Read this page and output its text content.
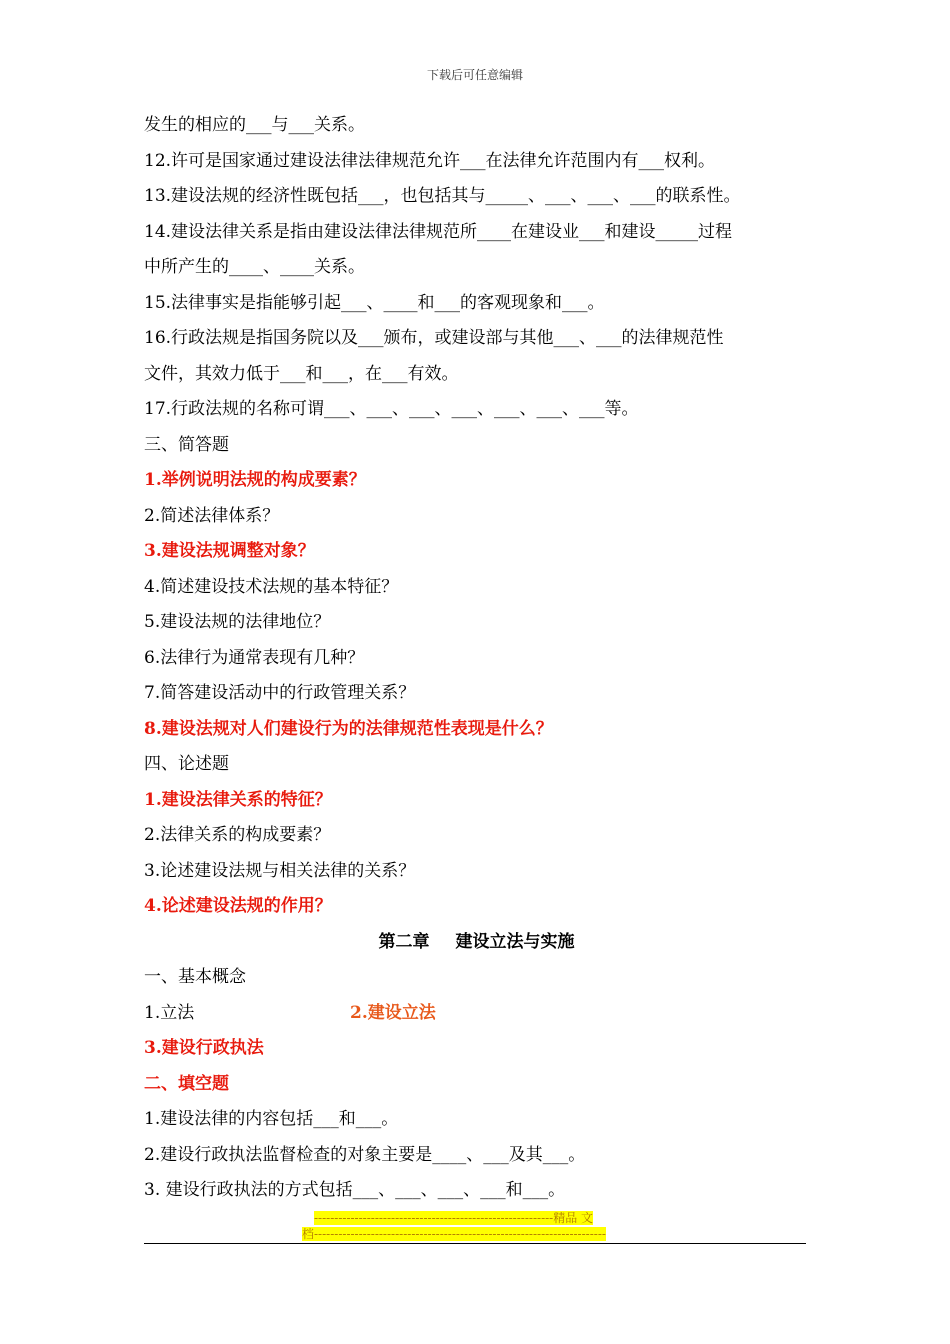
下载后可任意编辑
发生的相应的___与___关系。
12.许可是国家通过建设法律法律规范允许___在法律允许范围内有___权利。
13.建设法规的经济性既包括___，也包括其与_____、___、___、___的联系性。
14.建设法律关系是指由建设法律法律规范所____在建设业___和建设_____过程
中所产生的____、____关系。
15.法律事实是指能够引起___、____和___的客观现象和___。
16.行政法规是指国务院以及___颁布，或建设部与其他___、___的法律规范性
文件，其效力低于___和___，在___有效。
17.行政法规的名称可谓___、___、___、___、___、___、___等。
三、简答题
1.举例说明法规的构成要素？
2.简述法律体系？
3.建设法规调整对象？
4.简述建设技术法规的基本特征？
5.建设法规的法律地位？
6.法律行为通常表现有几种？
7.简答建设活动中的行政管理关系？
8.建设法规对人们建设行为的法律规范性表现是什么？
四、论述题
1.建设法律关系的特征？
2.法律关系的构成要素？
3.论述建设法规与相关法律的关系？
4.论述建设法规的作用？
第二章 建设立法与实施
一、基本概念
1.立法	2.建设立法
3.建设行政执法
二、填空题
1.建设法律的内容包括___和___。
2.建设行政执法监督检查的对象主要是____、___及其___。
3. 建设行政执法的方式包括___、___、___、___和___。
-----------------------------------------------------------精品 文
档------------------------------------------------------------------------
